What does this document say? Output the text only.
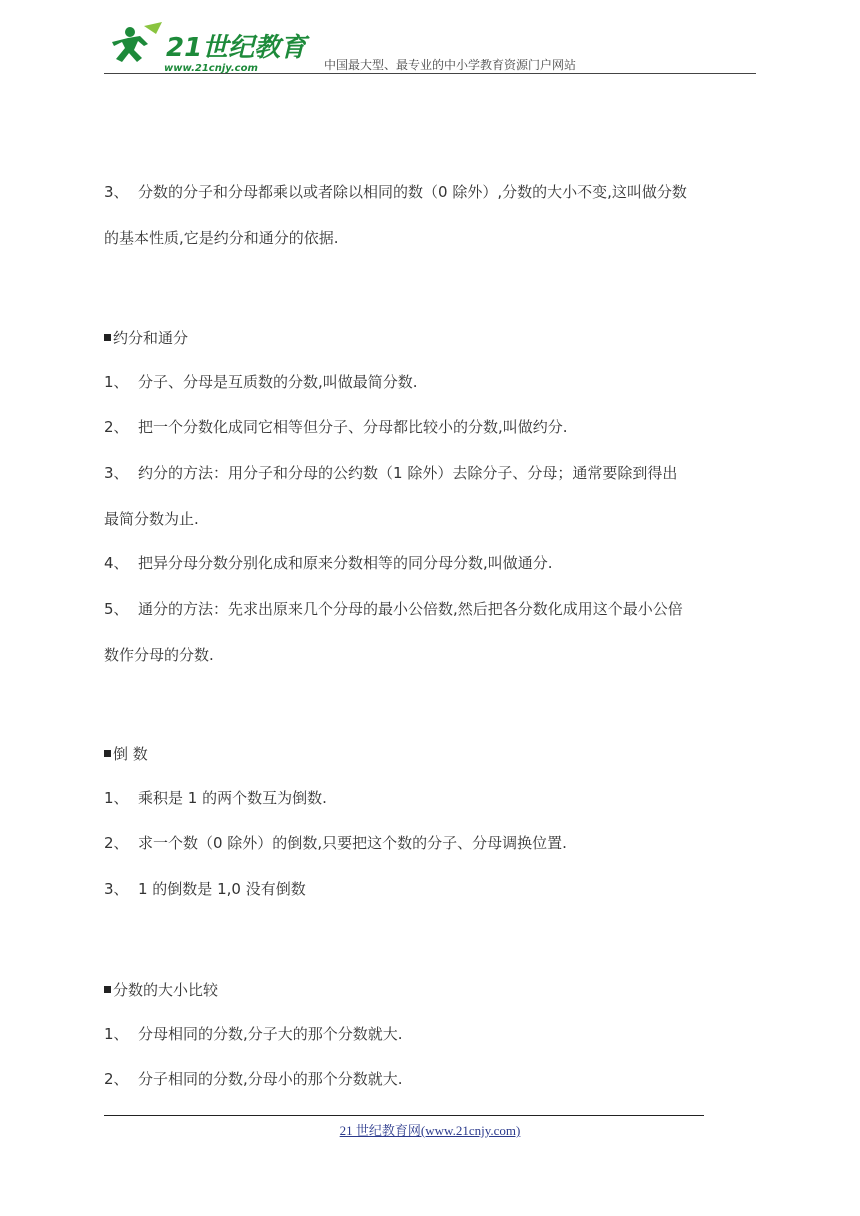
21世纪教育
www.21cnjy.com	中国最大型、最专业的中小学教育资源门户网站
3、 分数的分子和分母都乘以或者除以相同的数（0 除外）,分数的大小不变,这叫做分数
的基本性质,它是约分和通分的依据.
约分和通分
1、 分子、分母是互质数的分数,叫做最简分数.
2、 把一个分数化成同它相等但分子、分母都比较小的分数,叫做约分.
3、 约分的方法：用分子和分母的公约数（1 除外）去除分子、分母；通常要除到得出
最简分数为止.
4、 把异分母分数分别化成和原来分数相等的同分母分数,叫做通分.
5、 通分的方法：先求出原来几个分母的最小公倍数,然后把各分数化成用这个最小公倍
数作分母的分数.
倒 数
1、 乘积是 1 的两个数互为倒数.
2、 求一个数（0 除外）的倒数,只要把这个数的分子、分母调换位置.
3、 1 的倒数是 1,0 没有倒数
分数的大小比较
1、 分母相同的分数,分子大的那个分数就大.
2、 分子相同的分数,分母小的那个分数就大.
21 世纪教育网(www.21cnjy.com)
